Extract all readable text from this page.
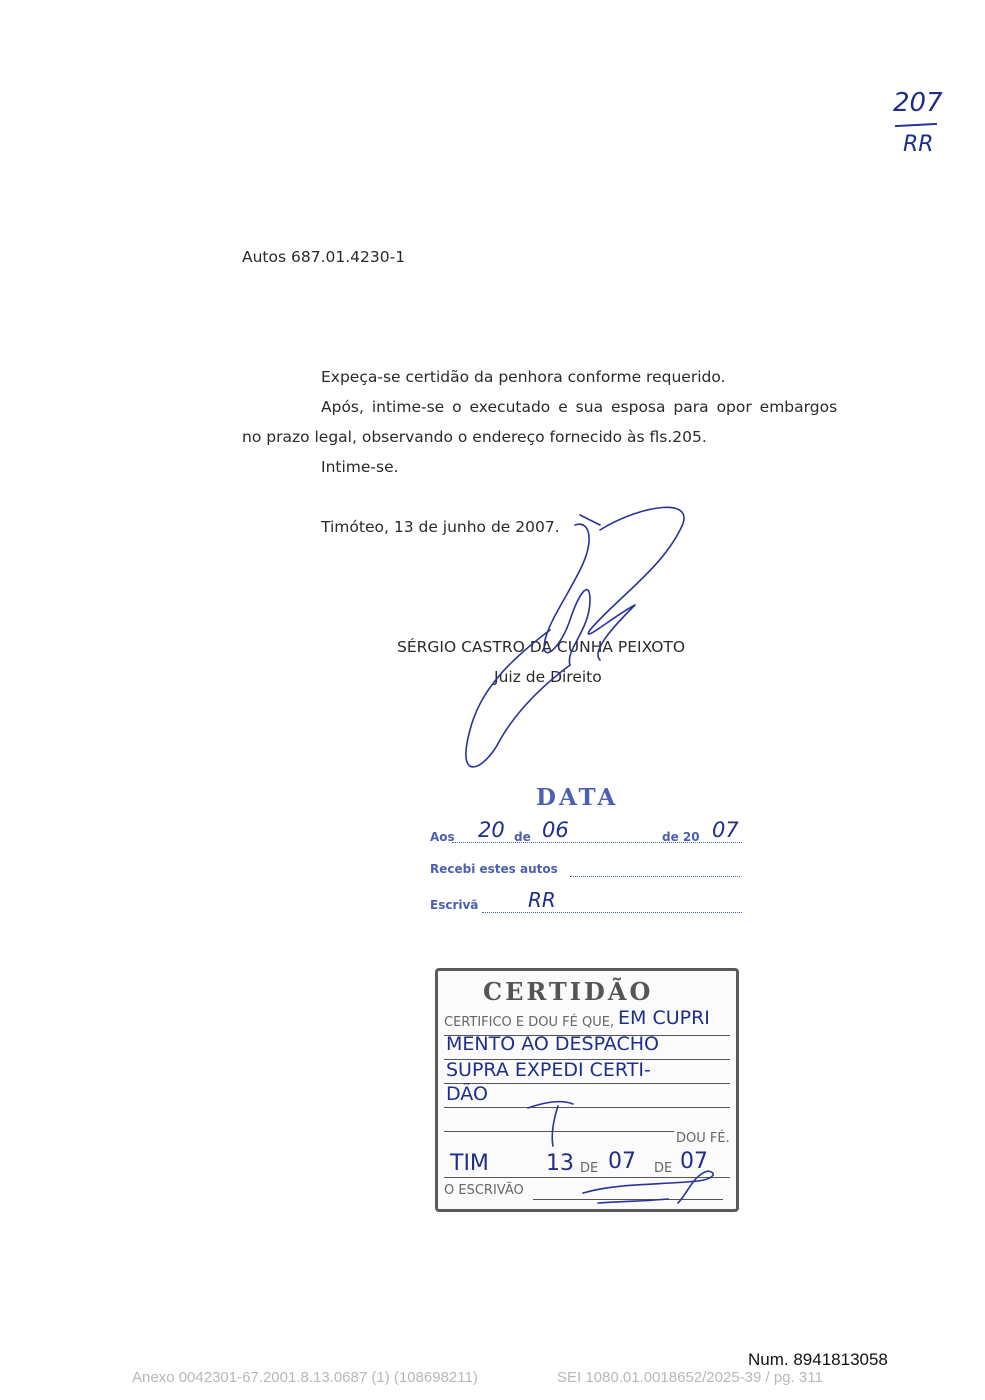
207
RR
Autos 687.01.4230-1
Expeça-se certidão da penhora conforme requerido.
Após, intime-se o executado e sua esposa para opor embargos
no prazo legal, observando o endereço fornecido às fls.205.
Intime-se.
Timóteo, 13 de junho de 2007.
SÉRGIO CASTRO DA CUNHA PEIXOTO
Juiz de Direito
DATA
Aos 20 de 06	de 20 07
Recebi estes autos
Escrivã RR
CERTIDÃO
CERTIFICO E DOU FÉ QUE, EM CUPRI
MENTO AO DESPACHO
SUPRA EXPEDI CERTI-
DÃO
DOU FÉ.
TIM	13 DE 07 DE 07
O ESCRIVÃO
Num. 8941813058
Anexo 0042301-67.2001.8.13.0687 (1) (108698211)	SEI 1080.01.0018652/2025-39 / pg. 311
